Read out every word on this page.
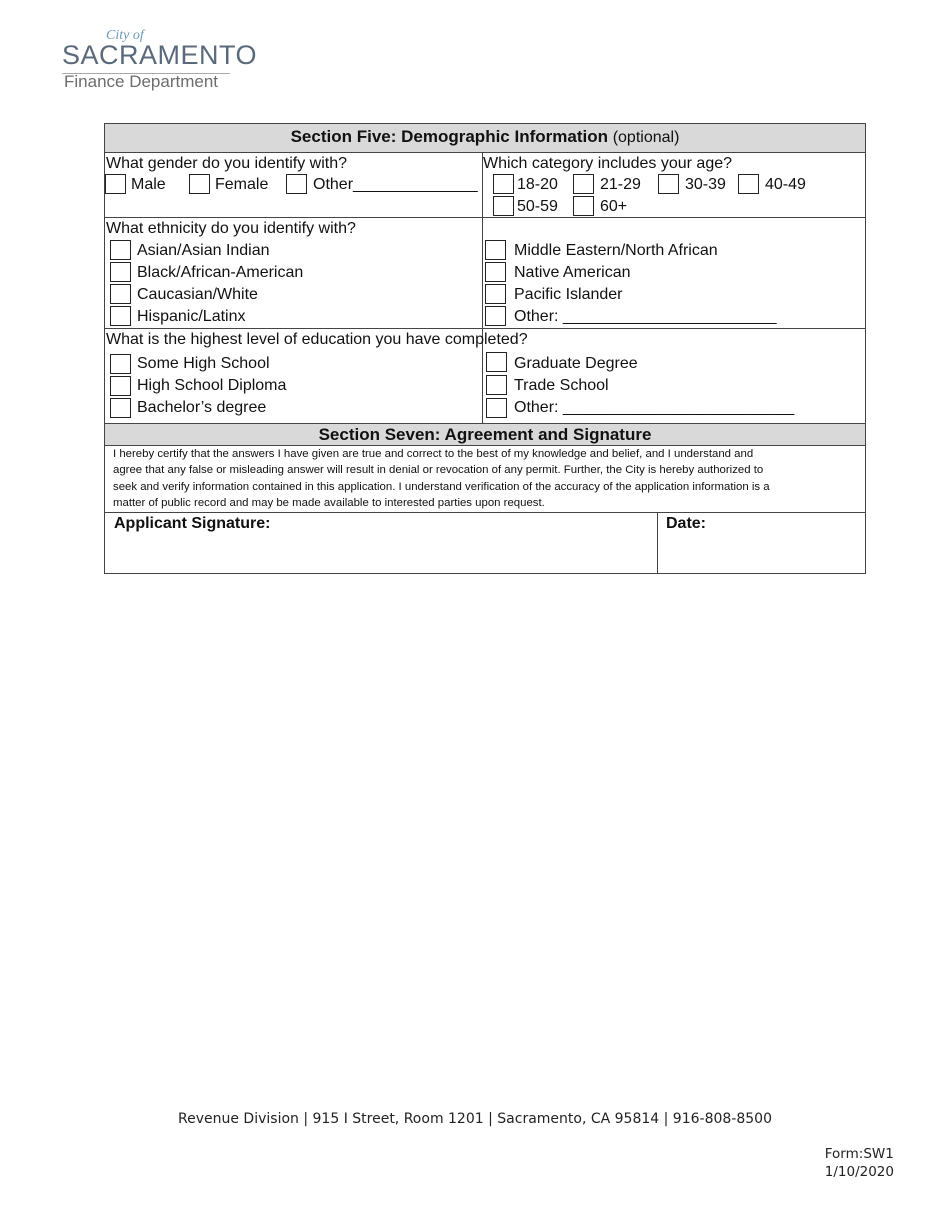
City of
SACRAMENTO
Finance Department
Section Five: Demographic Information (optional)
What gender do you identify with?
Male	Female	Other______________
Which category includes your age?
18-20	21-29	30-39 40-49
50-59	60+
What ethnicity do you identify with?
Asian/Asian Indian
Black/African-American
Caucasian/White
Hispanic/Latinx
Middle Eastern/North African
Native American
Pacific Islander
Other: ________________________
What is the highest level of education you have completed?
Some High School
High School Diploma
Bachelor’s degree
Graduate Degree
Trade School
Other: __________________________
Section Seven: Agreement and Signature
I hereby certify that the answers I have given are true and correct to the best of my knowledge and belief, and I understand and
agree that any false or misleading answer will result in denial or revocation of any permit. Further, the City is hereby authorized to
seek and verify information contained in this application. I understand verification of the accuracy of the application information is a
matter of public record and may be made available to interested parties upon request.
Applicant Signature:	Date:
Revenue Division | 915 I Street, Room 1201 | Sacramento, CA 95814 | 916-808-8500
Form:SW1
1/10/2020
